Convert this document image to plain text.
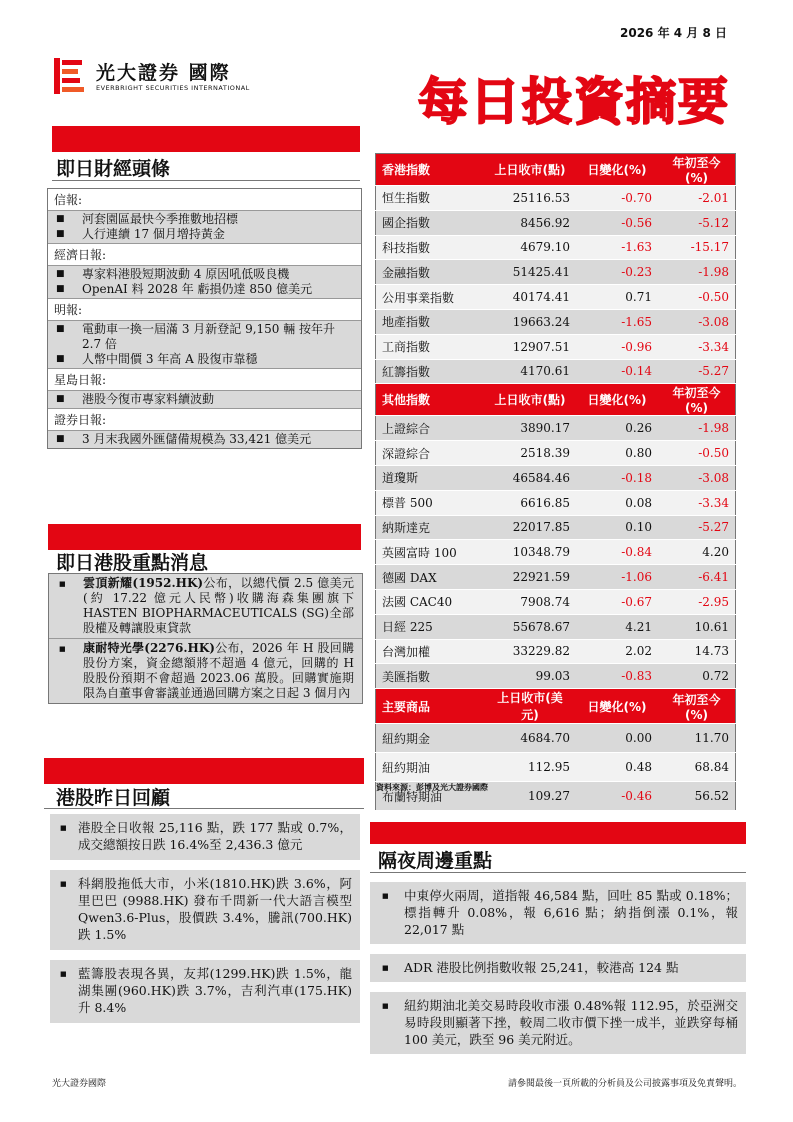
2026 年 4 月 8 日
光大證券 國際
EVERBRIGHT SECURITIES INTERNATIONAL	每日投資摘要
即日財經頭條
信報:
■ 河套園區最快今季推數地招標
■ 人行連續 17 個月增持黃金
經濟日報:
■ 專家料港股短期波動 4 原因吼低吸良機
■ OpenAI 料 2028 年 虧損仍達 850 億美元
明報:
■ 電動車一換一屆滿 3 月新登記 9,150 輛 按年升 2.7 倍
■ 人幣中間價 3 年高 A 股復市靠穩
星島日報:
■ 港股今復市專家料續波動
證券日報:
■ 3 月末我國外匯儲備規模為 33,421 億美元
即日港股重點消息
■ 雲頂新耀(1952.HK)公布，以總代價 2.5 億美元(約 17.22 億元人民幣)收購海森集團旗下 HASTEN BIOPHARMACEUTICALS (SG)全部股權及轉讓股東貸款
■ 康耐特光學(2276.HK)公布，2026 年 H 股回購股份方案，資金總額將不超過 4 億元，回購的 H 股股份預期不會超過 2023.06 萬股。回購實施期限為自董事會審議並通過回購方案之日起 3 個月內
港股昨日回顧
■ 港股全日收報 25,116 點，跌 177 點或 0.7%，成交總額按日跌 16.4%至 2,436.3 億元
■ 科網股拖低大市，小米(1810.HK)跌 3.6%，阿里巴巴 (9988.HK) 發布千問新一代大語言模型 Qwen3.6-Plus，股價跌 3.4%，騰訊(700.HK)跌 1.5%
■ 藍籌股表現各異，友邦(1299.HK)跌 1.5%，龍湖集團(960.HK)跌 3.7%，吉利汽車(175.HK)升 8.4%
香港指數	上日收市(點)	日變化(%)	年初至今(%)
恒生指數	25116.53	-0.70	-2.01
國企指數	8456.92	-0.56	-5.12
科技指數	4679.10	-1.63	-15.17
金融指數	51425.41	-0.23	-1.98
公用事業指數	40174.41	0.71	-0.50
地產指數	19663.24	-1.65	-3.08
工商指數	12907.51	-0.96	-3.34
紅籌指數	4170.61	-0.14	-5.27
其他指數	上日收市(點)	日變化(%)	年初至今(%)
上證綜合	3890.17	0.26	-1.98
深證綜合	2518.39	0.80	-0.50
道瓊斯	46584.46	-0.18	-3.08
標普 500	6616.85	0.08	-3.34
納斯達克	22017.85	0.10	-5.27
英國富時 100	10348.79	-0.84	4.20
德國 DAX	22921.59	-1.06	-6.41
法國 CAC40	7908.74	-0.67	-2.95
日經 225	55678.67	4.21	10.61
台灣加權	33229.82	2.02	14.73
美匯指數	99.03	-0.83	0.72
主要商品	上日收市(美元)	日變化(%)	年初至今(%)
紐約期金	4684.70	0.00	11.70
紐約期油	112.95	0.48	68.84
布蘭特期油	109.27	-0.46	56.52
資料來源：彭博及光大證券國際
隔夜周邊重點
■ 中東停火兩周，道指報 46,584 點，回吐 85 點或 0.18%；標指轉升 0.08%，報 6,616 點；納指倒漲 0.1%，報 22,017 點
■ ADR 港股比例指數收報 25,241，較港高 124 點
■ 紐約期油北美交易時段收市漲 0.48%報 112.95，於亞洲交易時段則顯著下挫，較周二收市價下挫一成半，並跌穿每桶 100 美元，跌至 96 美元附近。
光大證券國際	請參閱最後一頁所載的分析員及公司披露事項及免責聲明。
